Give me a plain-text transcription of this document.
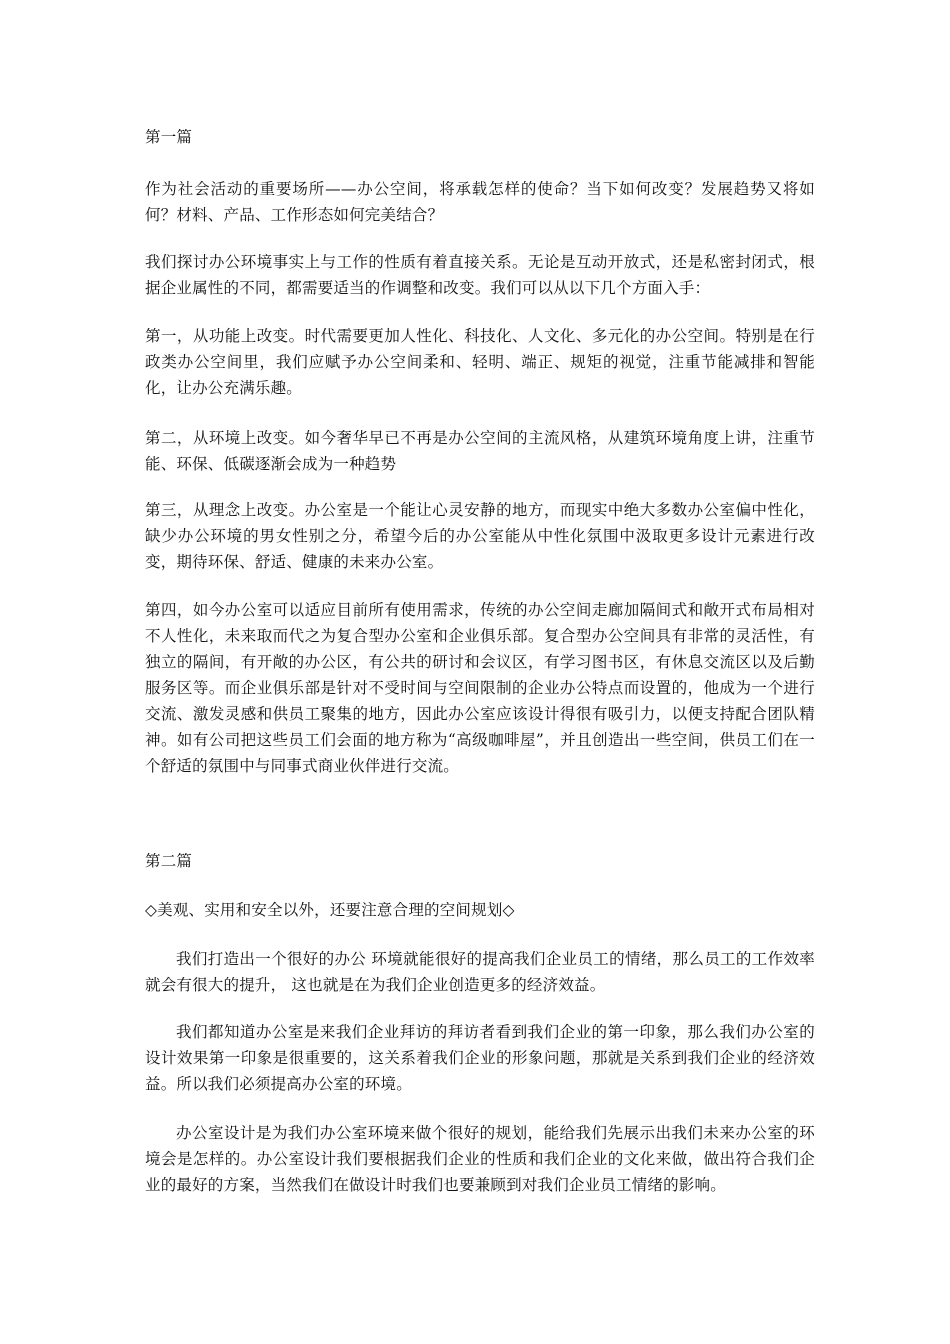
第一篇

作为社会活动的重要场所——办公空间，将承载怎样的使命？当下如何改变？发展趋势又将如何？材料、产品、工作形态如何完美结合？

我们探讨办公环境事实上与工作的性质有着直接关系。无论是互动开放式，还是私密封闭式，根据企业属性的不同，都需要适当的作调整和改变。我们可以从以下几个方面入手：

第一，从功能上改变。时代需要更加人性化、科技化、人文化、多元化的办公空间。特别是在行政类办公空间里，我们应赋予办公空间柔和、轻明、端正、规矩的视觉，注重节能减排和智能化，让办公充满乐趣。

第二，从环境上改变。如今奢华早已不再是办公空间的主流风格，从建筑环境角度上讲，注重节能、环保、低碳逐渐会成为一种趋势

第三，从理念上改变。办公室是一个能让心灵安静的地方，而现实中绝大多数办公室偏中性化，缺少办公环境的男女性别之分，希望今后的办公室能从中性化氛围中汲取更多设计元素进行改变，期待环保、舒适、健康的未来办公室。

第四，如今办公室可以适应目前所有使用需求，传统的办公空间走廊加隔间式和敞开式布局相对不人性化，未来取而代之为复合型办公室和企业俱乐部。复合型办公空间具有非常的灵活性，有独立的隔间，有开敞的办公区，有公共的研讨和会议区，有学习图书区，有休息交流区以及后勤服务区等。而企业俱乐部是针对不受时间与空间限制的企业办公特点而设置的，他成为一个进行交流、激发灵感和供员工聚集的地方，因此办公室应该设计得很有吸引力，以便支持配合团队精神。如有公司把这些员工们会面的地方称为“高级咖啡屋”，并且创造出一些空间，供员工们在一个舒适的氛围中与同事式商业伙伴进行交流。

第二篇

◇美观、实用和安全以外，还要注意合理的空间规划◇

我们打造出一个很好的办公 环境就能很好的提高我们企业员工的情绪，那么员工的工作效率就会有很大的提升， 这也就是在为我们企业创造更多的经济效益。

我们都知道办公室是来我们企业拜访的拜访者看到我们企业的第一印象，那么我们办公室的设计效果第一印象是很重要的，这关系着我们企业的形象问题，那就是关系到我们企业的经济效益。所以我们必须提高办公室的环境。

办公室设计是为我们办公室环境来做个很好的规划，能给我们先展示出我们未来办公室的环境会是怎样的。办公室设计我们要根据我们企业的性质和我们企业的文化来做，做出符合我们企业的最好的方案，当然我们在做设计时我们也要兼顾到对我们企业员工情绪的影响。
